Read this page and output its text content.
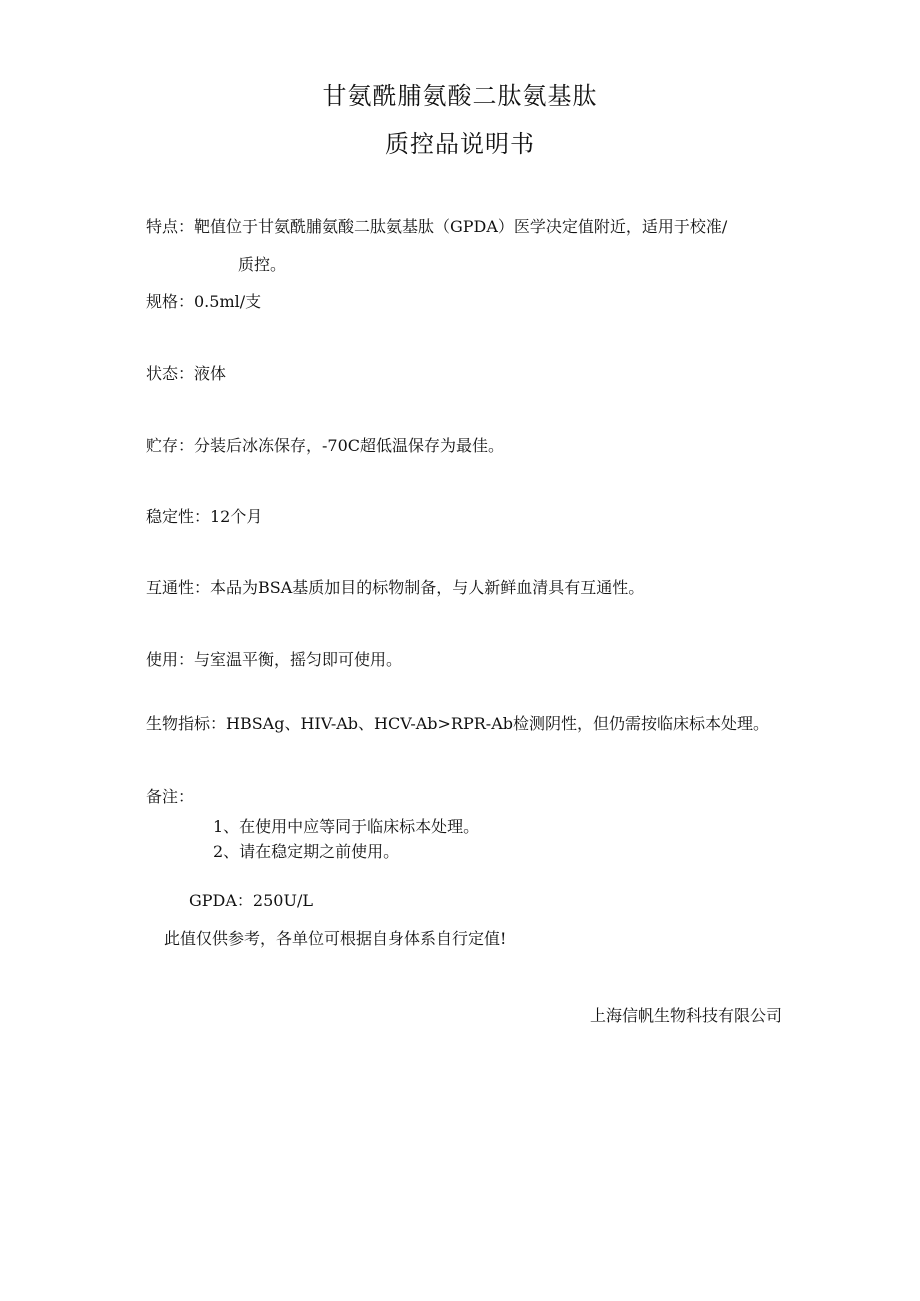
甘氨酰脯氨酸二肽氨基肽
质控品说明书
特点：靶值位于甘氨酰脯氨酸二肽氨基肽（GPDA）医学决定值附近，适用于校准/
质控。
规格：0.5ml/支
状态：液体
贮存：分装后冰冻保存，-70C超低温保存为最佳。
稳定性：12个月
互通性：本品为BSA基质加目的标物制备，与人新鲜血清具有互通性。
使用：与室温平衡，摇匀即可使用。
生物指标：HBSAg、HIV-Ab、HCV-Ab>RPR-Ab检测阴性，但仍需按临床标本处理。
备注：
1、在使用中应等同于临床标本处理。
2、请在稳定期之前使用。
GPDA：250U/L
此值仅供参考，各单位可根据自身体系自行定值!
上海信帆生物科技有限公司
